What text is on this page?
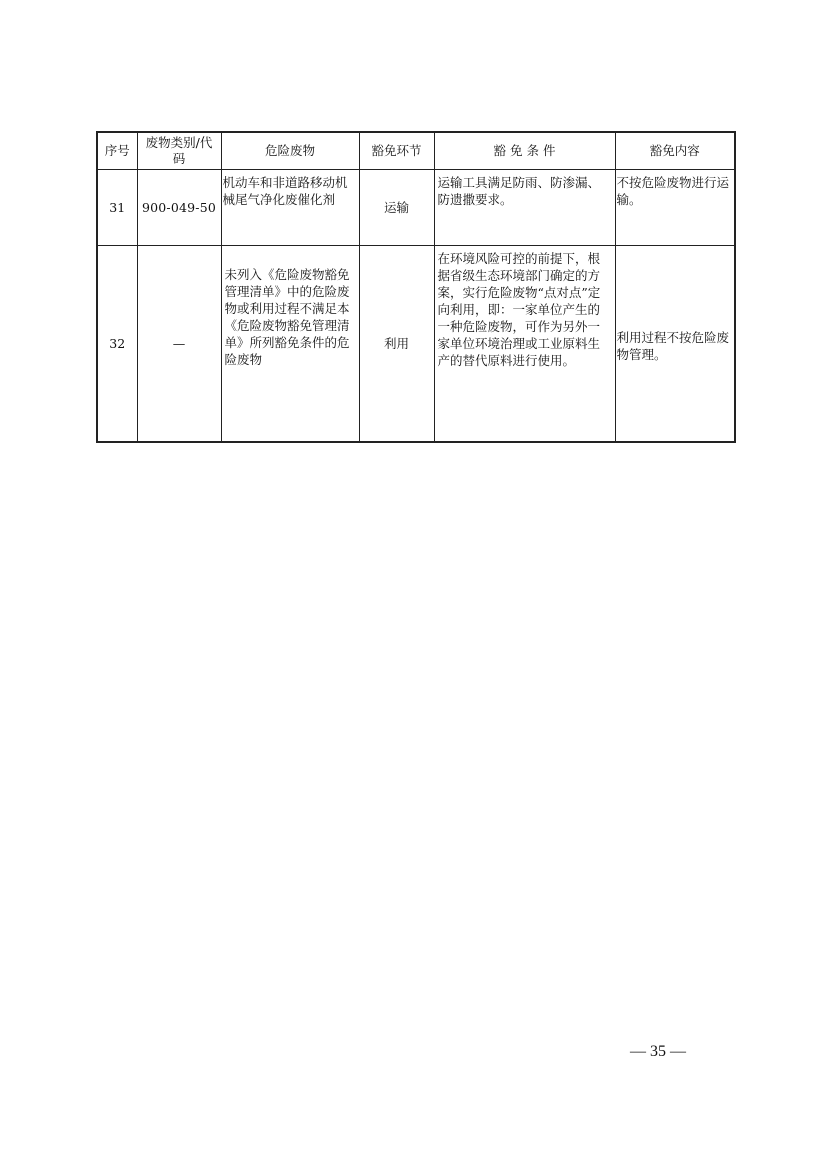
序号	废物类别/代码	危险废物	豁免环节	豁 免 条 件	豁免内容
31	900-049-50	机动车和非道路移动机械尾气净化废催化剂	运输	运输工具满足防雨、防渗漏、防遗撒要求。	不按危险废物进行运输。
32	—	未列入《危险废物豁免管理清单》中的危险废物或利用过程不满足本《危险废物豁免管理清单》所列豁免条件的危险废物	利用	在环境风险可控的前提下，根据省级生态环境部门确定的方案，实行危险废物“点对点”定向利用，即：一家单位产生的一种危险废物，可作为另外一家单位环境治理或工业原料生产的替代原料进行使用。	利用过程不按危险废物管理。
— 35 —
